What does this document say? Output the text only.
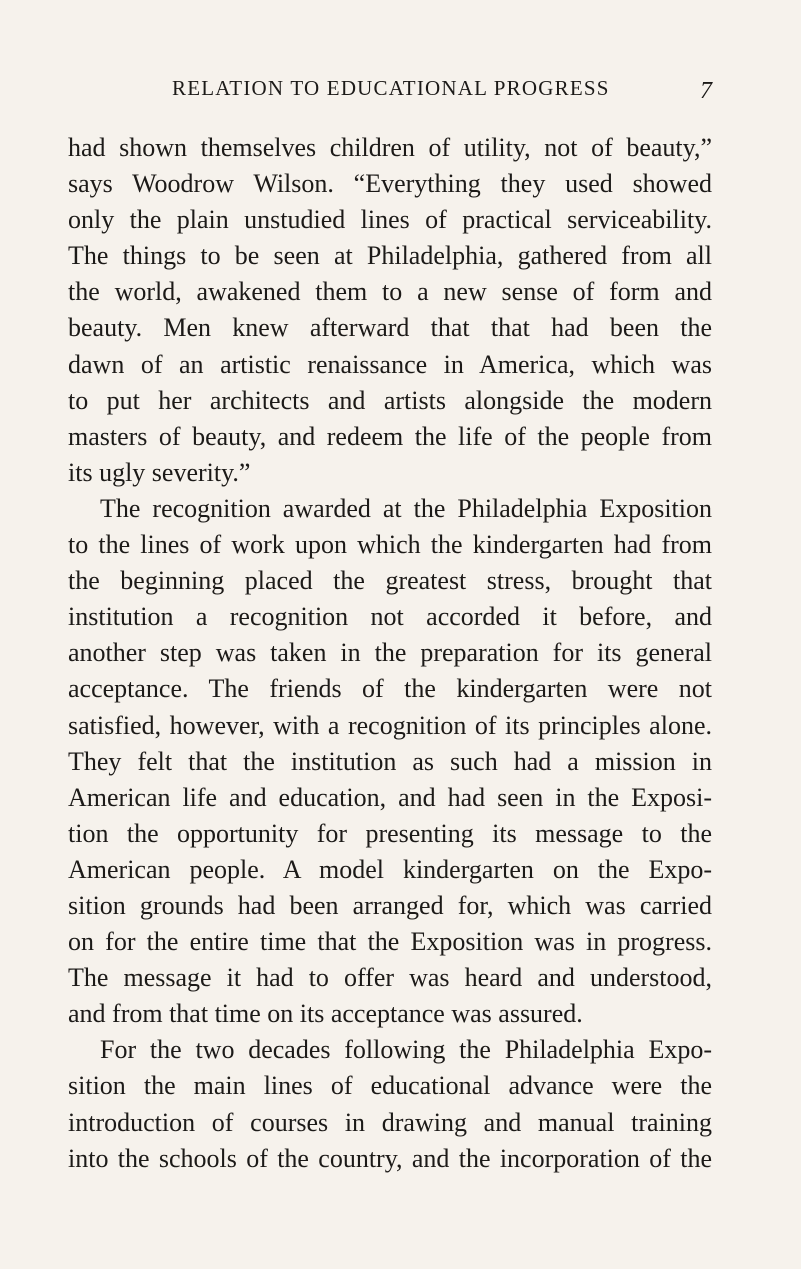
RELATION TO EDUCATIONAL PROGRESS	7
had shown themselves children of utility, not of beauty,”
says Woodrow Wilson. “Everything they used showed
only the plain unstudied lines of practical serviceability.
The things to be seen at Philadelphia, gathered from all
the world, awakened them to a new sense of form and
beauty. Men knew afterward that that had been the
dawn of an artistic renaissance in America, which was
to put her architects and artists alongside the modern
masters of beauty, and redeem the life of the people from
its ugly severity.”
The recognition awarded at the Philadelphia Exposition
to the lines of work upon which the kindergarten had from
the beginning placed the greatest stress, brought that
institution a recognition not accorded it before, and
another step was taken in the preparation for its general
acceptance. The friends of the kindergarten were not
satisfied, however, with a recognition of its principles alone.
They felt that the institution as such had a mission in
American life and education, and had seen in the Exposi-
tion the opportunity for presenting its message to the
American people. A model kindergarten on the Expo-
sition grounds had been arranged for, which was carried
on for the entire time that the Exposition was in progress.
The message it had to offer was heard and understood,
and from that time on its acceptance was assured.
For the two decades following the Philadelphia Expo-
sition the main lines of educational advance were the
introduction of courses in drawing and manual training
into the schools of the country, and the incorporation of the
